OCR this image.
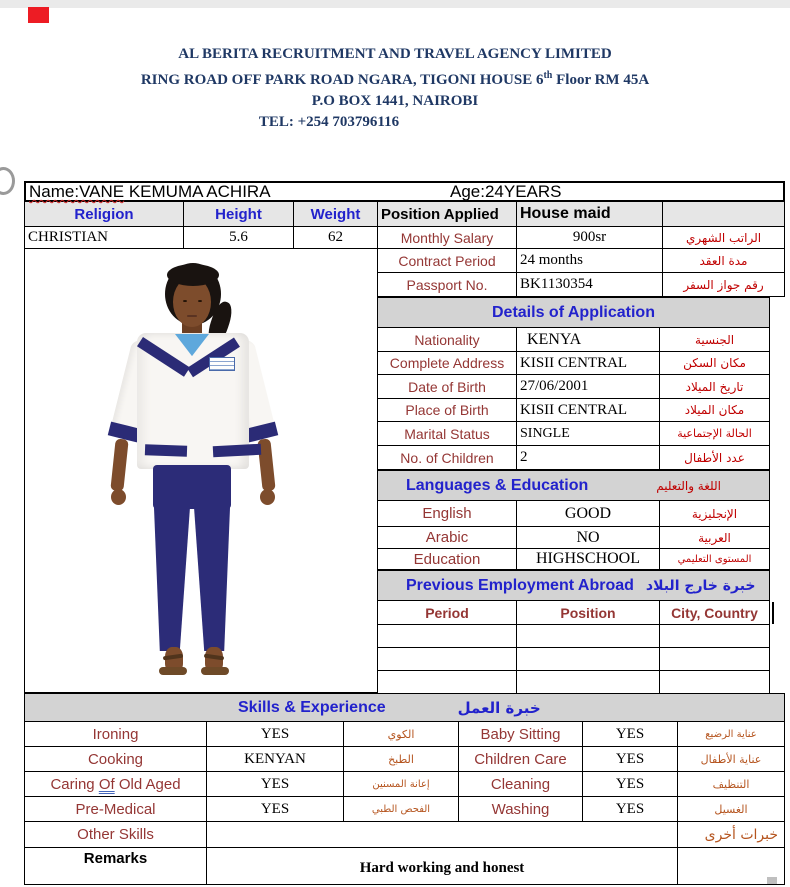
AL BERITA RECRUITMENT AND TRAVEL AGENCY LIMITED
RING ROAD OFF PARK ROAD NGARA, TIGONI HOUSE 6th Floor RM 45A
P.O BOX 1441, NAIROBI
TEL: +254 703796116
Name:VANE KEMUMA ACHIRA	Age:24YEARS
Religion	Height	Weight
CHRISTIAN	5.6	62
Position Applied	House maid
Monthly Salary	900sr	الراتب الشهري
Contract Period	24 months	مدة العقد
Passport No.	BK1130354	رقم جواز السفر
Details of Application
Nationality	KENYA	الجنسية
Complete Address	KISII CENTRAL	مكان السكن
Date of Birth	27/06/2001	تاريخ الميلاد
Place of Birth	KISII CENTRAL	مكان الميلاد
Marital Status	SINGLE	الحالة الإجتماعية
No. of Children	2	عدد الأطفال
Languages & Education	اللغة والتعليم
English	GOOD	الإنجليزية
Arabic	NO	العربية
Education	HIGHSCHOOL	المستوى التعليمي
Previous Employment Abroad خبرة خارج البلاد
Period	Position	City, Country
Skills & Experience	خبرة العمل
Ironing	YES	الكوي	Baby Sitting	YES	عناية الرضيع
Cooking	KENYAN	الطبخ	Children Care	YES	عناية الأطفال
Caring Of Old Aged	YES	إعانة المسنين	Cleaning	YES	التنظيف
Pre-Medical	YES	الفحص الطبي	Washing	YES	الغسيل
Other Skills	خبرات أخرى
Remarks
Hard working and honest
